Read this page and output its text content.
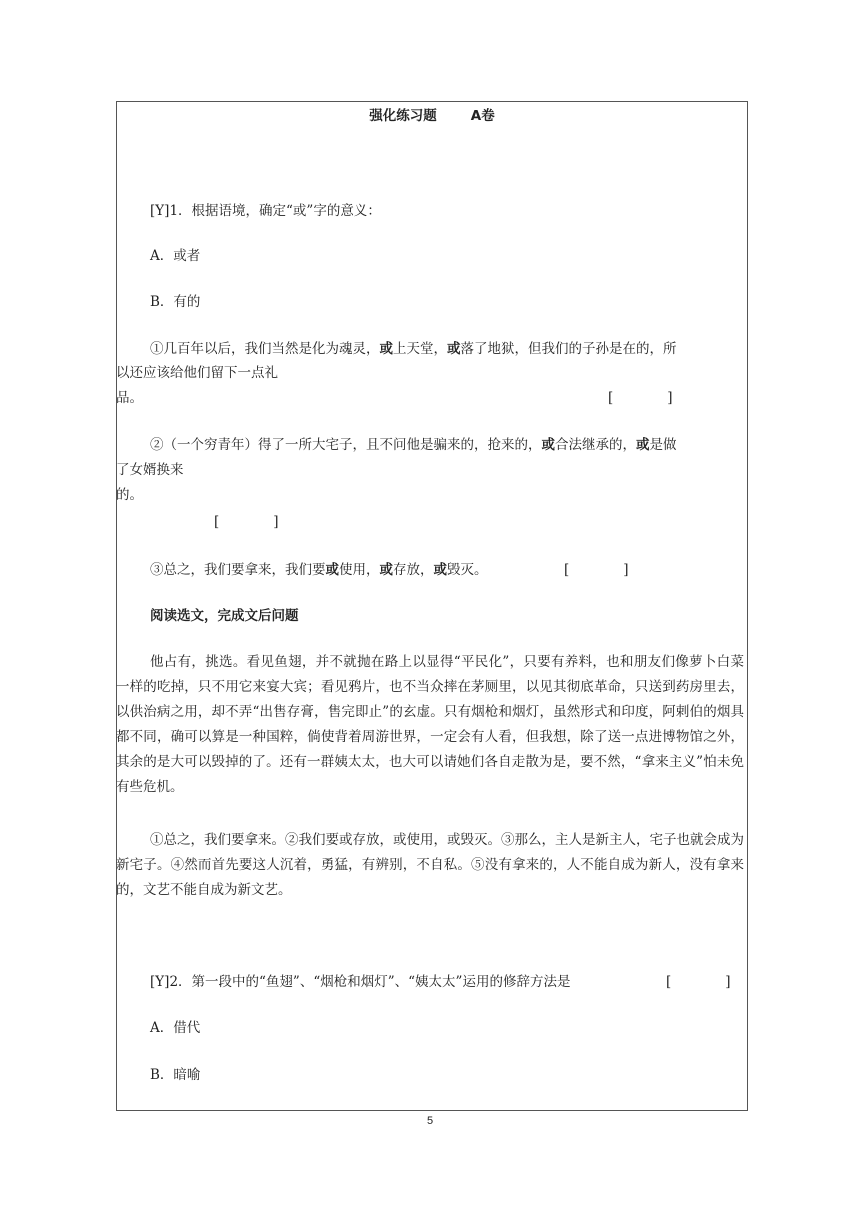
强化练习题	A卷
[Y]1．根据语境，确定“或”字的意义：
A．或者
B．有的
①几百年以后，我们当然是化为魂灵，或上天堂，或落了地狱，但我们的子孙是在的，所
以还应该给他们留下一点礼
品。	[　　　　]
②（一个穷青年）得了一所大宅子，且不问他是骗来的，抢来的，或合法继承的，或是做
了女婿换来
的。
[　　　　]
③总之，我们要拿来，我们要或使用，或存放，或毁灭。	[　　　　]
阅读选文，完成文后问题
他占有，挑选。看见鱼翅，并不就抛在路上以显得“平民化”，只要有养料，也和朋友们像萝卜白菜一样的吃掉，只不用它来宴大宾；看见鸦片，也不当众摔在茅厕里，以见其彻底革命，只送到药房里去，以供治病之用，却不弄“出售存膏，售完即止”的玄虚。只有烟枪和烟灯，虽然形式和印度，阿剌伯的烟具都不同，确可以算是一种国粹，倘使背着周游世界，一定会有人看，但我想，除了送一点进博物馆之外，其余的是大可以毁掉的了。还有一群姨太太，也大可以请她们各自走散为是，要不然，“拿来主义”怕未免有些危机。
①总之，我们要拿来。②我们要或存放，或使用，或毁灭。③那么，主人是新主人，宅子也就会成为新宅子。④然而首先要这人沉着，勇猛，有辨别，不自私。⑤没有拿来的，人不能自成为新人，没有拿来的，文艺不能自成为新文艺。
[Y]2．第一段中的“鱼翅”、“烟枪和烟灯”、“姨太太”运用的修辞方法是	[　　　　]
A．借代
B．暗喻
5
